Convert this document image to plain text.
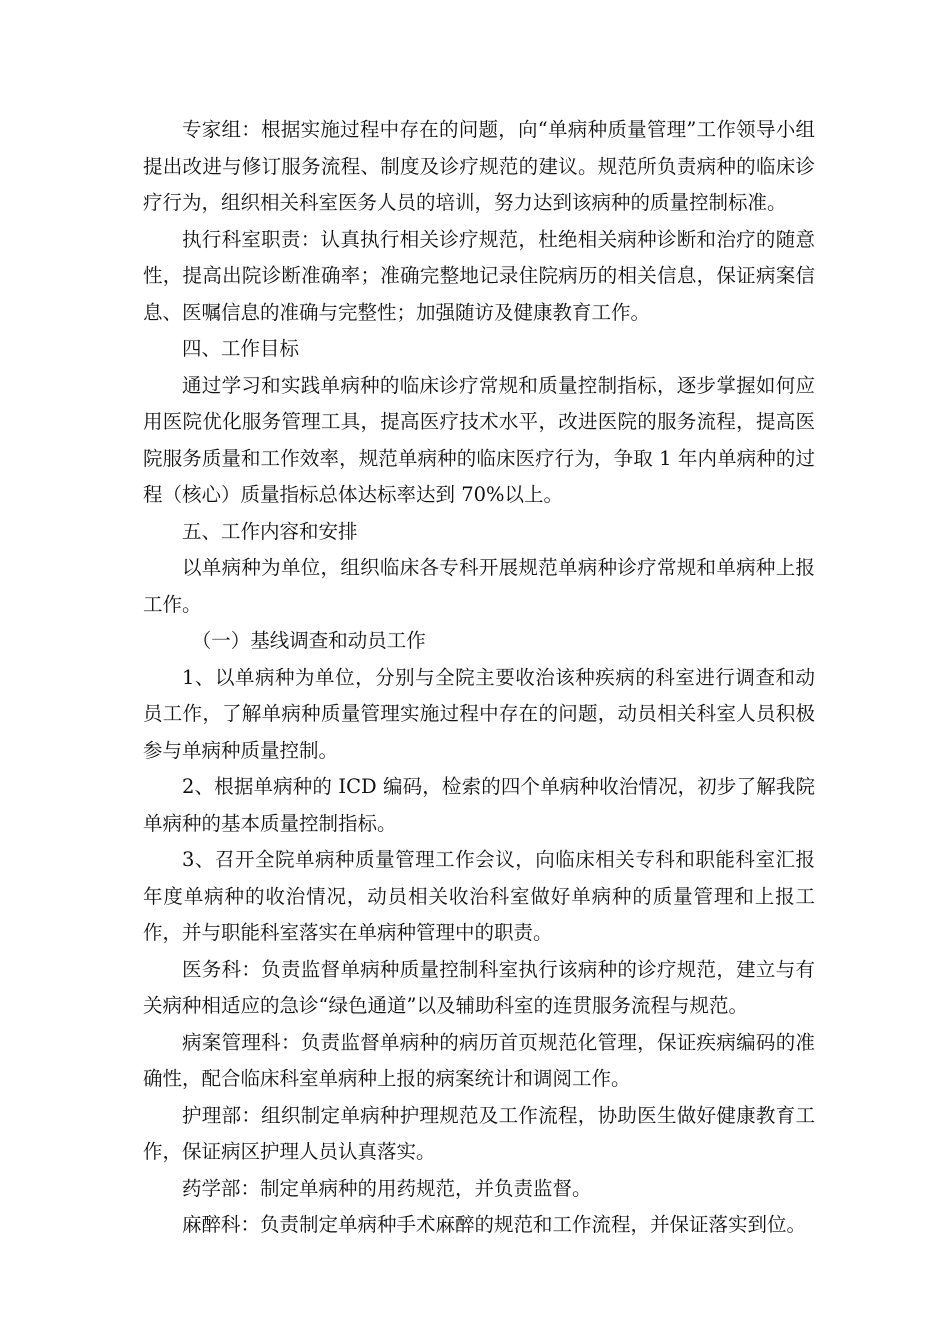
专家组：根据实施过程中存在的问题，向“单病种质量管理”工作领导小组提出改进与修订服务流程、制度及诊疗规范的建议。规范所负责病种的临床诊疗行为，组织相关科室医务人员的培训，努力达到该病种的质量控制标准。

执行科室职责：认真执行相关诊疗规范，杜绝相关病种诊断和治疗的随意性，提高出院诊断准确率；准确完整地记录住院病历的相关信息，保证病案信息、医嘱信息的准确与完整性；加强随访及健康教育工作。

四、工作目标

通过学习和实践单病种的临床诊疗常规和质量控制指标，逐步掌握如何应用医院优化服务管理工具，提高医疗技术水平，改进医院的服务流程，提高医院服务质量和工作效率，规范单病种的临床医疗行为，争取 1 年内单病种的过程（核心）质量指标总体达标率达到 70%以上。

五、工作内容和安排

以单病种为单位，组织临床各专科开展规范单病种诊疗常规和单病种上报工作。

（一）基线调查和动员工作

1、以单病种为单位，分别与全院主要收治该种疾病的科室进行调查和动员工作，了解单病种质量管理实施过程中存在的问题，动员相关科室人员积极参与单病种质量控制。

2、根据单病种的 ICD 编码，检索的四个单病种收治情况，初步了解我院单病种的基本质量控制指标。

3、召开全院单病种质量管理工作会议，向临床相关专科和职能科室汇报年度单病种的收治情况，动员相关收治科室做好单病种的质量管理和上报工作，并与职能科室落实在单病种管理中的职责。

医务科：负责监督单病种质量控制科室执行该病种的诊疗规范，建立与有关病种相适应的急诊“绿色通道”以及辅助科室的连贯服务流程与规范。

病案管理科：负责监督单病种的病历首页规范化管理，保证疾病编码的准确性，配合临床科室单病种上报的病案统计和调阅工作。

护理部：组织制定单病种护理规范及工作流程，协助医生做好健康教育工作，保证病区护理人员认真落实。

药学部：制定单病种的用药规范，并负责监督。

麻醉科：负责制定单病种手术麻醉的规范和工作流程，并保证落实到位。
